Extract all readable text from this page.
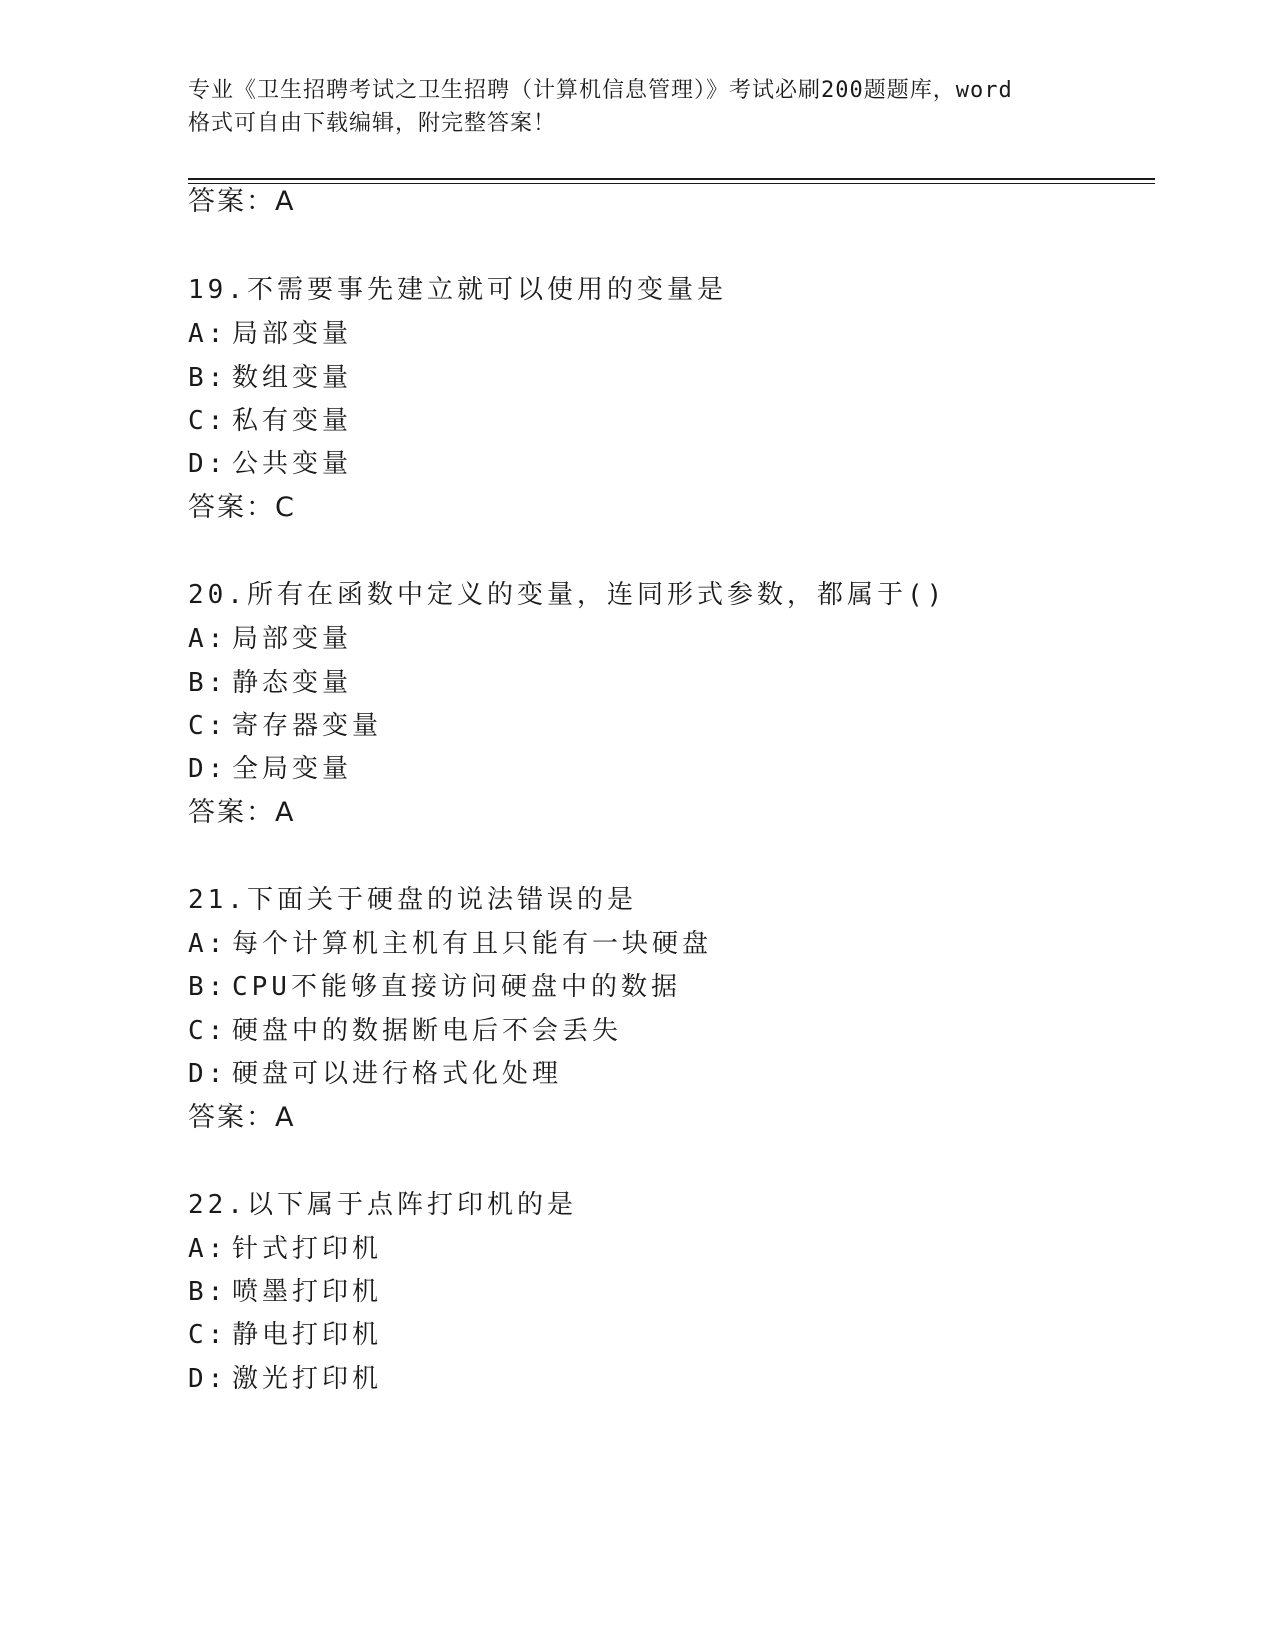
专业《卫生招聘考试之卫生招聘（计算机信息管理）》考试必刷200题题库，word
格式可自由下载编辑，附完整答案！
答案：A
19.不需要事先建立就可以使用的变量是
A: 局部变量
B: 数组变量
C: 私有变量
D: 公共变量
答案：C
20.所有在函数中定义的变量，连同形式参数，都属于()
A: 局部变量
B: 静态变量
C: 寄存器变量
D: 全局变量
答案：A
21.下面关于硬盘的说法错误的是
A: 每个计算机主机有且只能有一块硬盘
B: CPU不能够直接访问硬盘中的数据
C: 硬盘中的数据断电后不会丢失
D: 硬盘可以进行格式化处理
答案：A
22.以下属于点阵打印机的是
A: 针式打印机
B: 喷墨打印机
C: 静电打印机
D: 激光打印机
